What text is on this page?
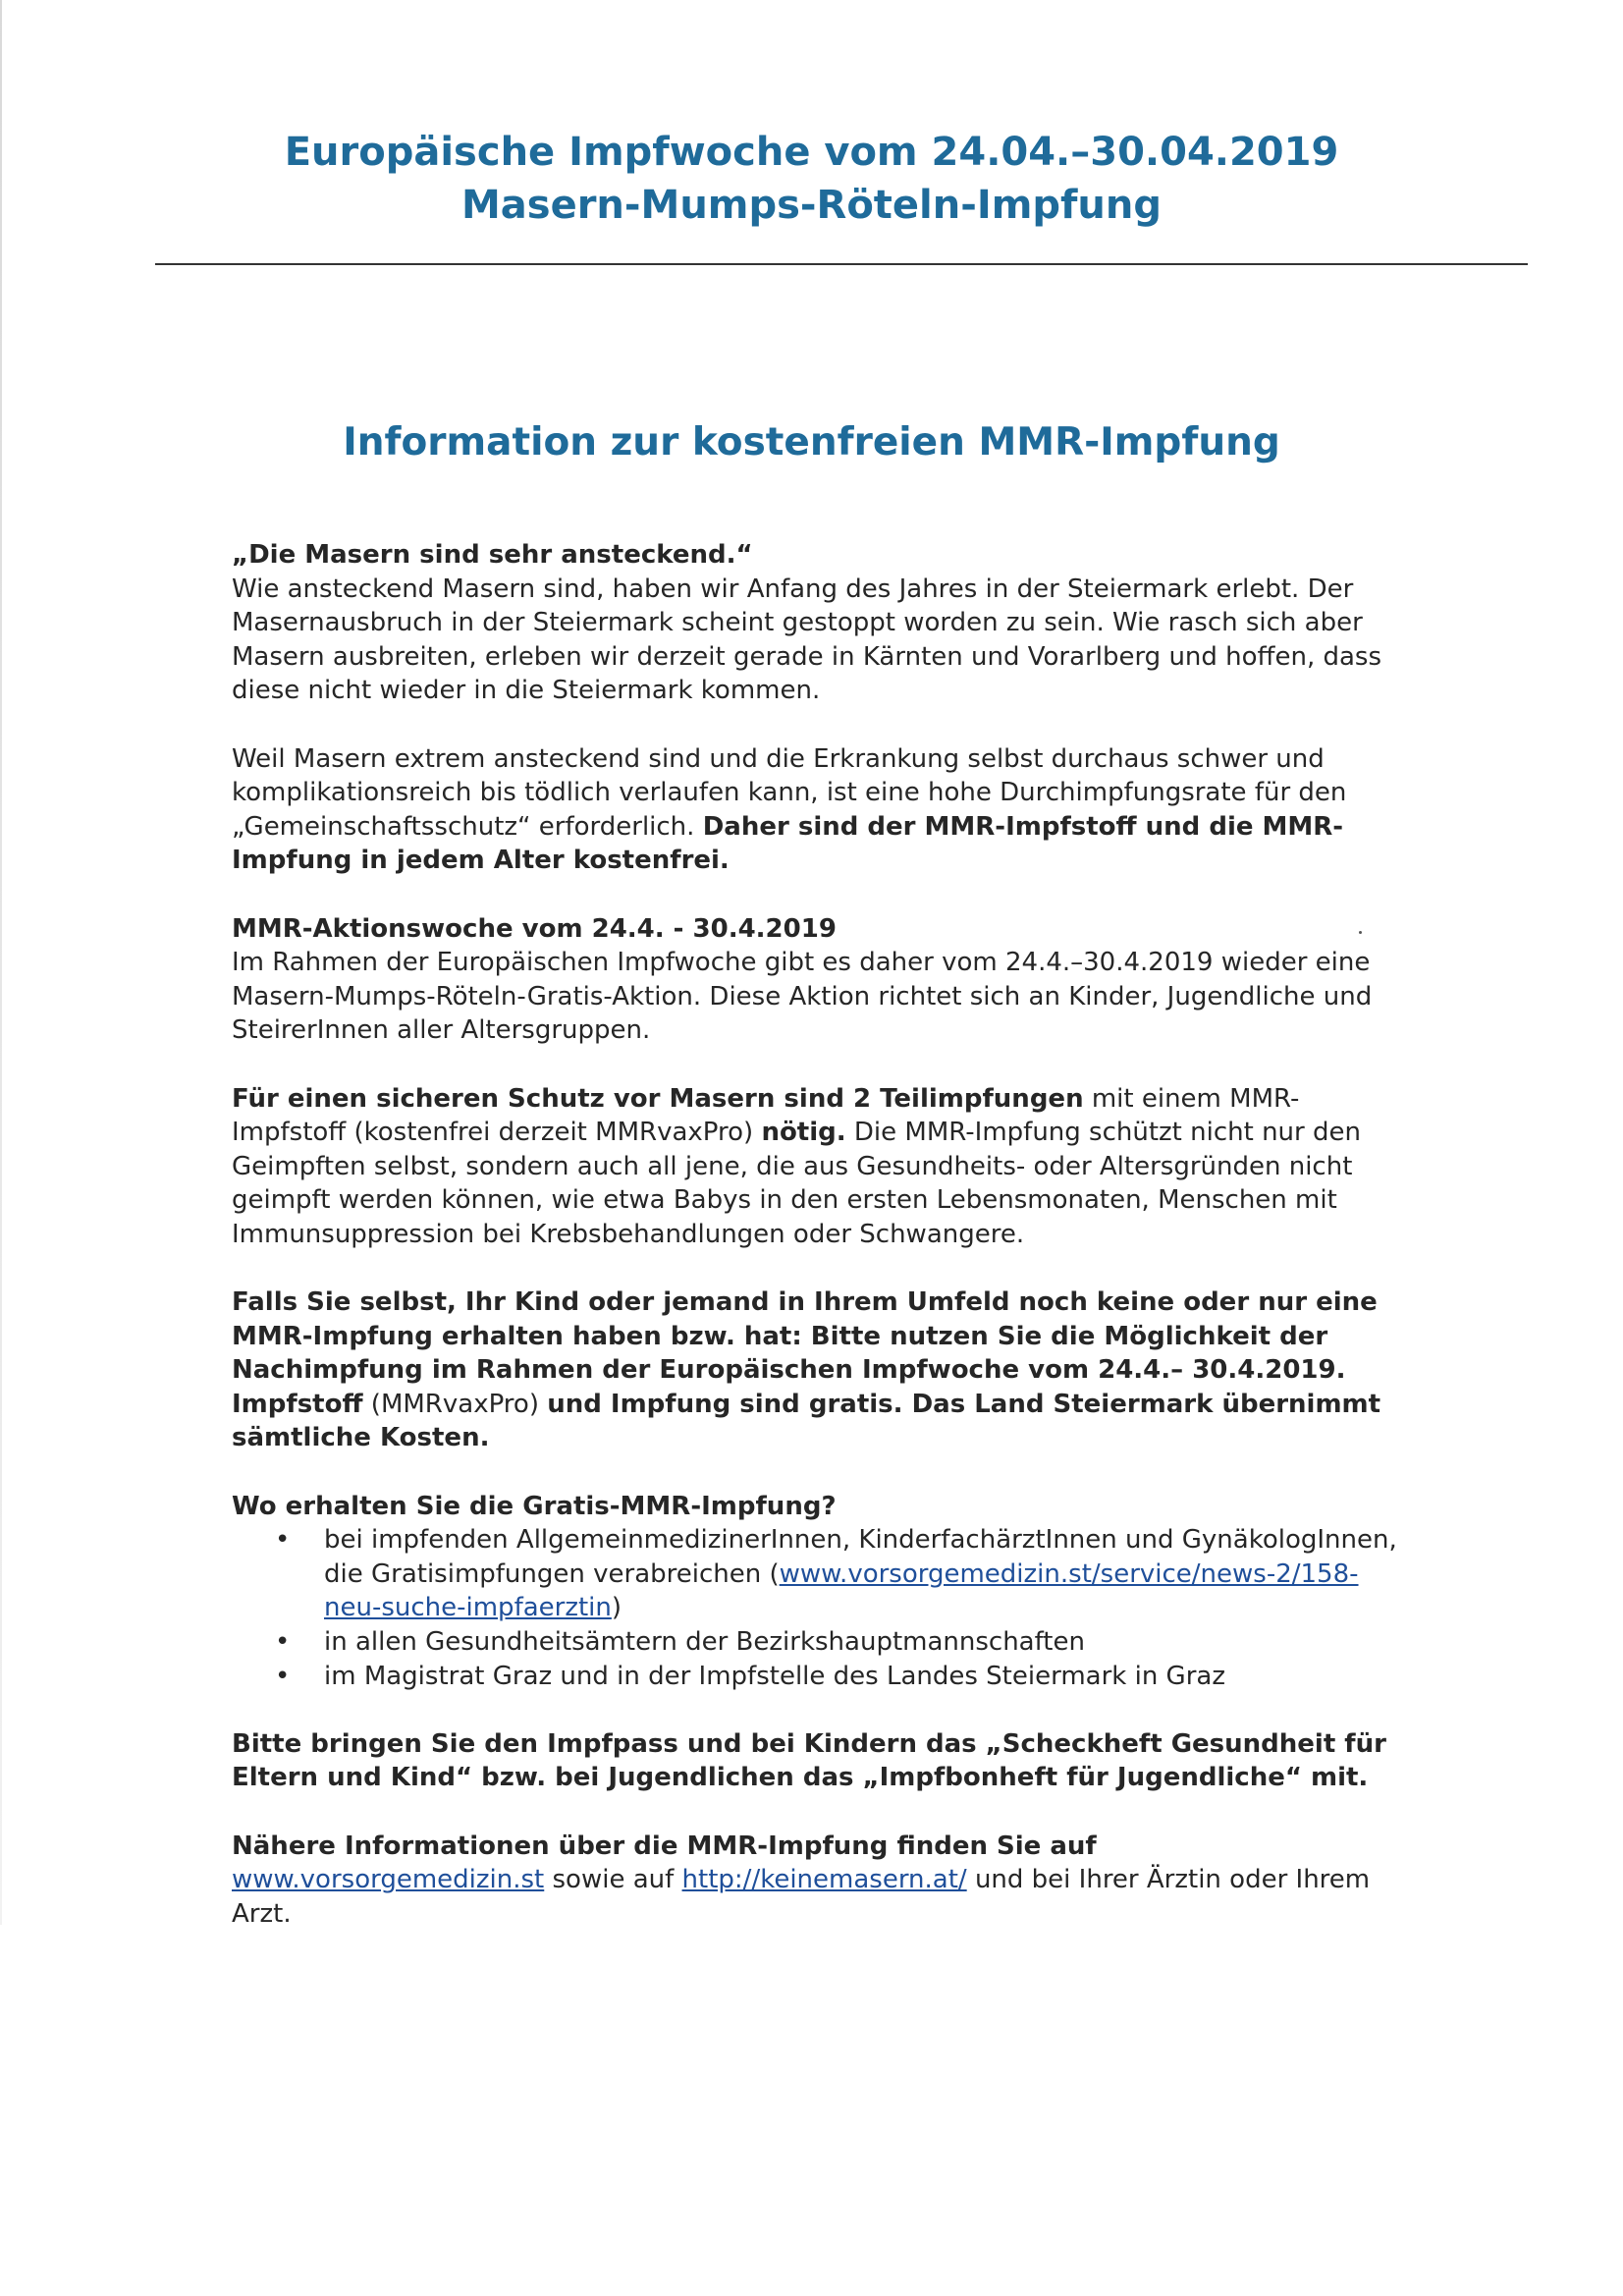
Europäische Impfwoche vom 24.04.–30.04.2019
Masern-Mumps-Röteln-Impfung
Information zur kostenfreien MMR-Impfung

„Die Masern sind sehr ansteckend.“
Wie ansteckend Masern sind, haben wir Anfang des Jahres in der Steiermark erlebt. Der Masernausbruch in der Steiermark scheint gestoppt worden zu sein. Wie rasch sich aber Masern ausbreiten, erleben wir derzeit gerade in Kärnten und Vorarlberg und hoffen, dass diese nicht wieder in die Steiermark kommen.

Weil Masern extrem ansteckend sind und die Erkrankung selbst durchaus schwer und komplikationsreich bis tödlich verlaufen kann, ist eine hohe Durchimpfungsrate für den „Gemeinschaftsschutz“ erforderlich. Daher sind der MMR-Impfstoff und die MMR-Impfung in jedem Alter kostenfrei.

MMR-Aktionswoche vom 24.4. - 30.4.2019
Im Rahmen der Europäischen Impfwoche gibt es daher vom 24.4.–30.4.2019 wieder eine Masern-Mumps-Röteln-Gratis-Aktion. Diese Aktion richtet sich an Kinder, Jugendliche und SteirerInnen aller Altersgruppen.

Für einen sicheren Schutz vor Masern sind 2 Teilimpfungen mit einem MMR-Impfstoff (kostenfrei derzeit MMRvaxPro) nötig. Die MMR-Impfung schützt nicht nur den Geimpften selbst, sondern auch all jene, die aus Gesundheits- oder Altersgründen nicht geimpft werden können, wie etwa Babys in den ersten Lebensmonaten, Menschen mit Immunsuppression bei Krebsbehandlungen oder Schwangere.

Falls Sie selbst, Ihr Kind oder jemand in Ihrem Umfeld noch keine oder nur eine MMR-Impfung erhalten haben bzw. hat: Bitte nutzen Sie die Möglichkeit der Nachimpfung im Rahmen der Europäischen Impfwoche vom 24.4.– 30.4.2019. Impfstoff (MMRvaxPro) und Impfung sind gratis. Das Land Steiermark übernimmt sämtliche Kosten.

Wo erhalten Sie die Gratis-MMR-Impfung?

• bei impfenden AllgemeinmedizinerInnen, KinderfachärztInnen und GynäkologInnen, die Gratisimpfungen verabreichen (www.vorsorgemedizin.st/service/news-2/158-neu-suche-impfaerztin)
• in allen Gesundheitsämtern der Bezirkshauptmannschaften
• im Magistrat Graz und in der Impfstelle des Landes Steiermark in Graz

Bitte bringen Sie den Impfpass und bei Kindern das „Scheckheft Gesundheit für Eltern und Kind“ bzw. bei Jugendlichen das „Impfbonheft für Jugendliche“ mit.

Nähere Informationen über die MMR-Impfung finden Sie auf www.vorsorgemedizin.st sowie auf http://keinemasern.at/ und bei Ihrer Ärztin oder Ihrem Arzt.
